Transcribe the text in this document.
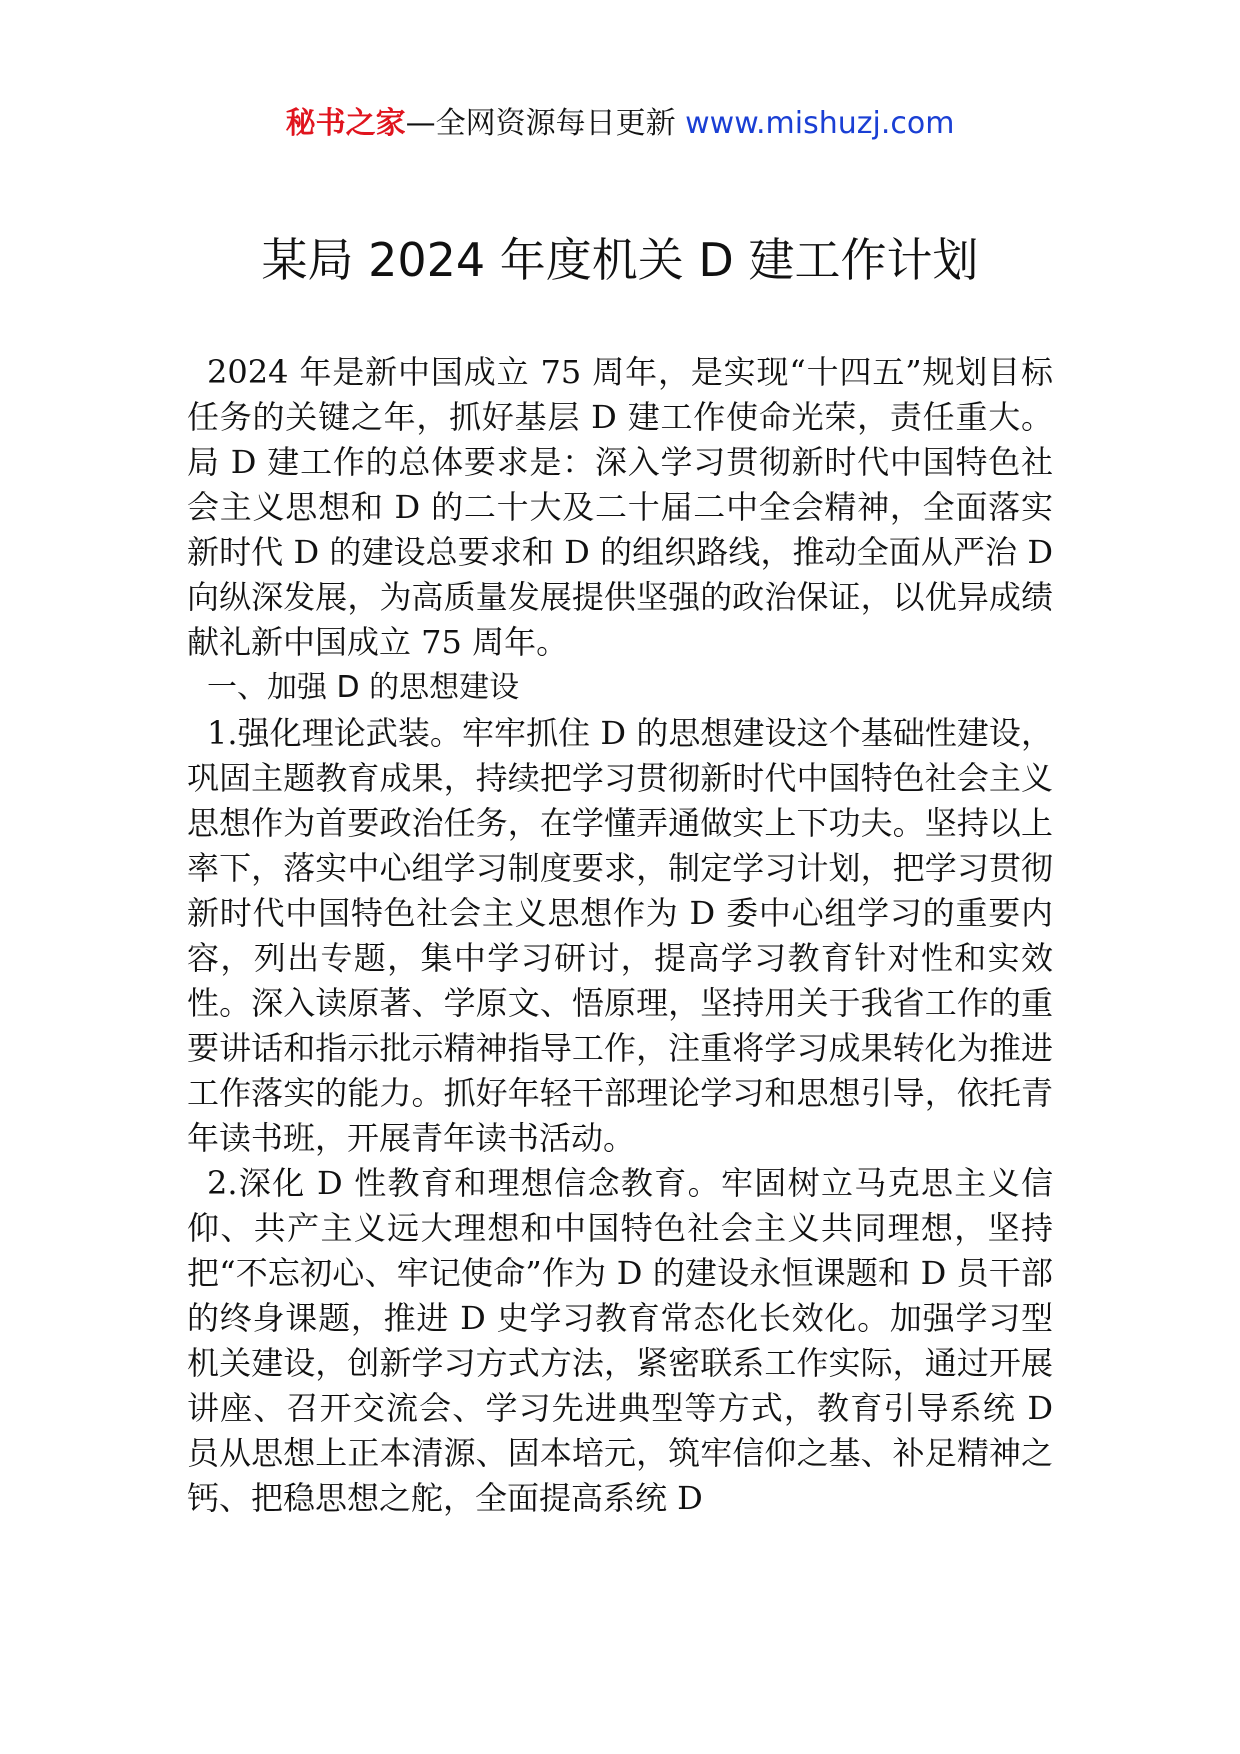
秘书之家—全网资源每日更新 www.mishuzj.com
某局 2024 年度机关 D 建工作计划

2024 年是新中国成立 75 周年，是实现“十四五”规划目标任务的关键之年，抓好基层 D 建工作使命光荣，责任重大。局 D 建工作的总体要求是：深入学习贯彻新时代中国特色社会主义思想和 D 的二十大及二十届二中全会精神，全面落实新时代 D 的建设总要求和 D 的组织路线，推动全面从严治 D 向纵深发展，为高质量发展提供坚强的政治保证，以优异成绩献礼新中国成立 75 周年。

一、加强 D 的思想建设

1.强化理论武装。牢牢抓住 D 的思想建设这个基础性建设，巩固主题教育成果，持续把学习贯彻新时代中国特色社会主义思想作为首要政治任务，在学懂弄通做实上下功夫。坚持以上率下，落实中心组学习制度要求，制定学习计划，把学习贯彻新时代中国特色社会主义思想作为 D 委中心组学习的重要内容，列出专题，集中学习研讨，提高学习教育针对性和实效性。深入读原著、学原文、悟原理，坚持用关于我省工作的重要讲话和指示批示精神指导工作，注重将学习成果转化为推进工作落实的能力。抓好年轻干部理论学习和思想引导，依托青年读书班，开展青年读书活动。

2.深化 D 性教育和理想信念教育。牢固树立马克思主义信仰、共产主义远大理想和中国特色社会主义共同理想，坚持把“不忘初心、牢记使命”作为 D 的建设永恒课题和 D 员干部的终身课题，推进 D 史学习教育常态化长效化。加强学习型机关建设，创新学习方式方法，紧密联系工作实际，通过开展讲座、召开交流会、学习先进典型等方式，教育引导系统 D 员从思想上正本清源、固本培元，筑牢信仰之基、补足精神之钙、把稳思想之舵，全面提高系统 D
